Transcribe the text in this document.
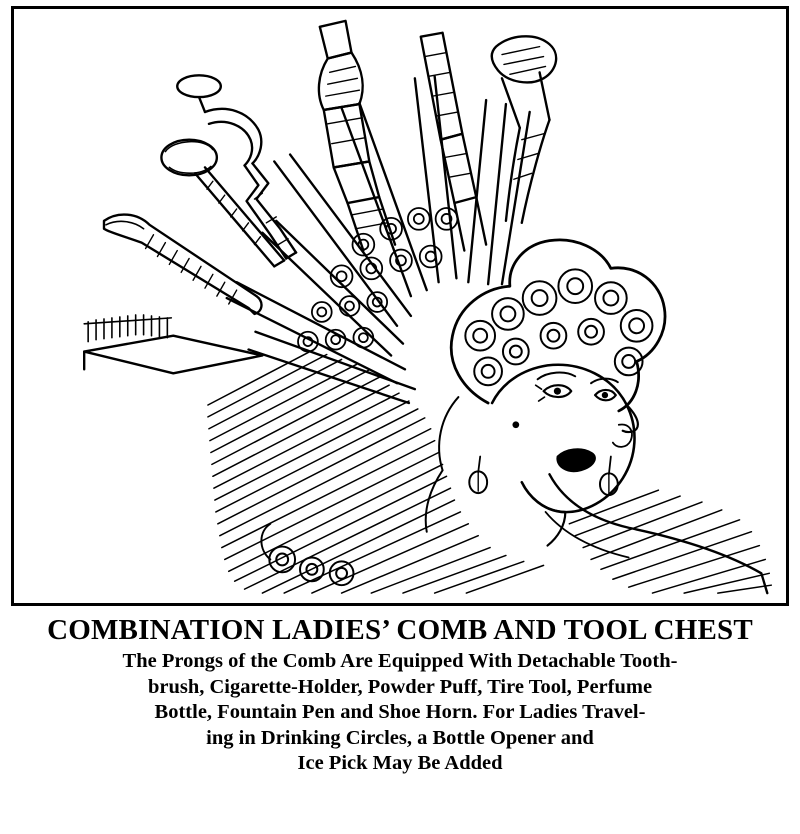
COMBINATION LADIES’ COMB AND TOOL CHEST
The Prongs of the Comb Are Equipped With Detachable Tooth-
brush, Cigarette-Holder, Powder Puff, Tire Tool, Perfume
Bottle, Fountain Pen and Shoe Horn. For Ladies Travel-
ing in Drinking Circles, a Bottle Opener and
Ice Pick May Be Added
